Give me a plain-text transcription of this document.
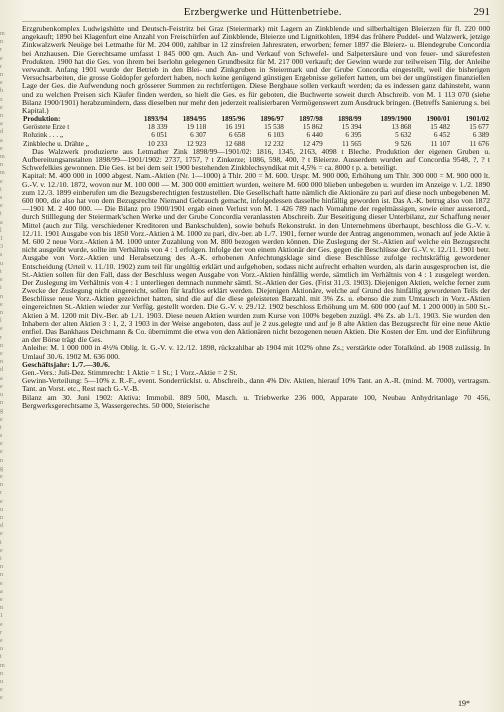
m
n
r
e
r
n
e
h
z
e
n
a
d
a
e
m
n
m
e
i
s
e
t
a
l
1
3
s
u
t
e
i
n
e
n
l
e
r
n
e
n
d
a
e
u
n
g
e
t
s
e
e
n
g
e
n
r
e
u
n
d
e
t
e
i
n
n
e
a
e
n
1
e
r
e
u
t
m
n
u
e
e
Erzbergwerke und Hüttenbetriebe.	291

Erzgrubenkomplex Ludwigshütte und Deutsch-Feistritz bei Graz (Steiermark) mit Lagern an Zinkblende und silberhaltigen Bleierzen für fl. 220 000 angekauft; 1890 bei Klagenfurt eine Anzahl von Freischürfen auf Zinkblende, Bleierze und Lignitkohlen, 1894 das frühere Puddel- und Walzwerk, jetzige Zinkwalzwerk Neuöge bei Letmathe für M. 204 000, zahlbar in 12 zinsfreien Jahresraten, erworben; ferner 1897 die Bleierz- u. Blendegrube Concordia bei Anzhausen. Die Gerechtsame umfasst 1 845 000 qm. Auch An- und Verkauf von Schwefel- und Salpetersäure und von feuer- und säurefesten Produkten. 1900 hat die Ges. von ihrem bei Iserlohn gelegenen Grundbesitz für M. 217 000 verkauft; der Gewinn wurde zur teilweisen Tilg. der Anleihe verwandt. Anfang 1901 wurde der Betrieb in den Blei- und Zinkgruben in Steiermark und der Grube Concordia eingestellt, weil die bisherigen Versuchsarbeiten, die grosse Goldopfer gefordert haben, noch keine genügend günstigen Ergebnisse geliefert hatten, um bei der ungünstigen finanziellen Lage der Ges. die Aufwendung noch grösserer Summen zu rechtfertigen. Diese Bergbaue sollen verkauft werden; da es indessen ganz dahinsteht, wann und zu welchen Preisen sich Käufer finden werden, so hielt die Ges. es für geboten, die Buchwerte soweit durch Abschreib. von M. 1 113 070 (siehe Bilanz 1900/1901) herabzumindern, dass dieselben nur mehr den jederzeit realisierbaren Vermögenswert zum Ausdruck bringen. (Betreffs Sanierung s. bei Kapital.)

Produktion:	1893/94	1894/95	1895/96	1896/97	1897/98	1898/99	1899/1900	1900/01	1901/02
Geröstete Erze t	18 339	19 118	16 191	15 538	15 862	15 394	13 868	15 482	15 677
Rohzink . . . „	6 051	6 307	6 658	6 103	6 440	6 395	5 632	6 452	6 389
Zinkbleche u. Drähte „	10 233	12 923	12 688	12 232	12 479	11 565	9 526	11 107	11 676

Das Walzwerk produzierte aus Letmather Zink 1898/99—1901/02: 1816, 1345, 2163, 4098 t Bleche. Produktion der eigenen Gruben u. Aufbereitungsanstalten 1898/99—1901/1902: 2737, 1757, ? t Zinkerze; 1086, 598, 400, ? t Bleierze. Ausserdem wurden auf Concordia 9548, ?, ? t Schwefelkies gewonnen. Die Ges. ist bei dem seit 1900 bestehenden Zinkblechsyndikat mit 4,5% = ca. 8000 t p. a. beteiligt.

Kapital: M. 400 000 in 1000 abgest. Nam.-Aktien (Nr. 1—1000) à Thlr. 200 = M. 600. Urspr. M. 900 000, Erhöhung um Thlr. 300 000 = M. 900 000 lt. G.-V. v. 12./10. 1872, wovon nur M. 100 000 — M. 300 000 emittiert wurden, weitere M. 600 000 blieben unbegeben u. wurden im Anzeige v. 1./2. 1890 zum 12./3. 1899 einberufen um die Bezugsberechtigten festzustellen. Die Gesellschaft hatte nämlich die Aktionäre zu pari auf diese noch unbegebenen M. 600 000, die also hat von dem Bezugsrechte Niemand Gebrauch gemacht, infolgedessen dasselbe hinfällig geworden ist. Das A.-K. betrug also von 1872—1901 M. 2 400 000. — Die Bilanz pro 1900/1901 ergab einen Verlust von M. 1 426 789 nach Vornahme der regelmässigen, sowie einer ausserord., durch Stilllegung der Steiermark'schen Werke und der Grube Concordia veranlassten Abschreib. Zur Beseitigung dieser Unterbilanz, zur Schaffung neuer Mittel (auch zur Tilg. verschiedener Kreditoren und Bankschulden), sowie behufs Rekonstrukt. in den Unternehmens überhaupt, beschloss die G.-V. v. 12./11. 1901 Ausgabe von bis 1850 Vorz.-Aktien à M. 1000 zu pari, div.-ber. ab 1./7. 1901, ferner wurde der Antrag angenommen, wonach auf jede Aktie à M. 600 2 neue Vorz.-Aktien à M. 1000 unter Zuzahlung von M. 800 bezogen werden können. Die Zuslegung der St.-Aktien auf welche ein Bezugsrecht nicht ausgeübt wurde, sollte im Verhältnis von 4 : 1 erfolgen. Infolge der von einem Aktionär der Ges. gegen die Beschlüsse der G.-V. v. 12./11. 1901 betr. Ausgabe von Vorz.-Aktien und Herabsetzung des A.-K. erhobenen Anfechtungsklage sind diese Beschlüsse zufolge rechtskräftig gewordener Entscheidung (Urteil v. 11./10. 1902) zum teil für ungültig erklärt und aufgehoben, sodass nicht aufrecht erhalten wurden, als darin ausgesprochen ist, die St.-Aktien sollen für den Fall, dass der Beschluss wegen Ausgabe von Vorz.-Aktien hinfällig werde, sämtlich im Verhältnis von 4 : 1 zusgelegt werden. Der Zuslegung im Verhältnis von 4 : 1 unterliegen demnach nunmehr sämtl. St.-Aktien der Ges. (Frist 31./3. 1903). Diejenigen Aktien, welche ferner zum Zwecke der Zuslegung nicht eingereicht, sollen für kraftlos erklärt werden. Diejenigen Aktionäre, welche auf Grund des hinfällig gewordenen Teils der Beschlüsse neue Vorz.-Aktien gezeichnet hatten, sind die auf die diese geleisteten Barzahl. mit 3% Zs. u. ebenso die zum Umtausch in Vorz.-Aktien eingereichten St.-Aktien wieder zur Verfüg. gestellt worden. Die G.-V. v. 29./12. 1902 beschloss Erhöhung um M. 600 000 (auf M. 1 200 000) in 500 St.-Aktien à M. 1200 mit Div.-Ber. ab 1./1. 1903. Diese neuen Aktien wurden zum Kurse von 100% begeben zuzügl. 4% Zs. ab 1./1. 1903. Sie wurden den Inhabern der alten Aktien 3 : 1, 2, 3 1903 in der Weise angeboten, dass auf je 2 zus.gelegte und auf je 8 alte Aktien das Bezugsrecht für eine neue Aktie entfiel. Das Bankhaus Deichmann & Co. übernimmt die etwa von den Aktionären nicht bezogenen neuen Aktien. Die Kosten der Em. und der Einführung an der Börse trägt die Ges.

Anleihe: M. 1 000 000 in 4½% Oblig. lt. G.-V. v. 12./12. 1898, rückzahlbar ab 1904 mit 102% ohne Zs.; verstärkte oder Totalkünd. ab 1908 zulässig. In Umlauf 30./6. 1902 M. 636 000.

Geschäftsjahr: 1./7.—30./6.

Gen.-Vers.: Juli-Dez. Stimmrecht: 1 Aktie = 1 St.; 1 Vorz.-Aktie = 2 St.

Gewinn-Verteilung: 5—10% z. R.-F., event. Sonderrücklst. u. Abschreib., dann 4% Div. Aktien, hierauf 10% Tant. an A.-R. (mind. M. 7000), vertragsm. Tant. an Vorst. etc., Rest nach G.-V.-B.

Bilanz am 30. Juni 1902: Aktiva: Immobil. 889 500, Masch. u. Triebwerke 236 000, Apparate 100, Neubau Anhydritanlage 70 456, Bergwerksgerechtsame 3, Wassergerechts. 50 000, Steierische

19*
